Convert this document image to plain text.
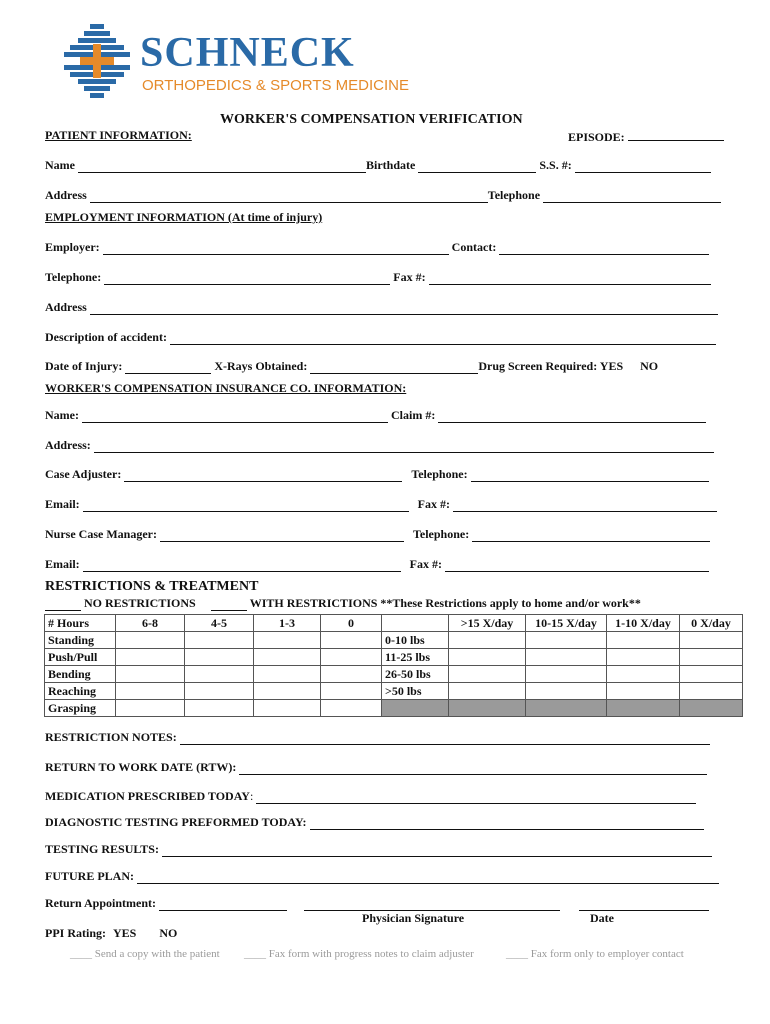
SCHNECK
ORTHOPEDICS & SPORTS MEDICINE
WORKER'S COMPENSATION VERIFICATION
PATIENT INFORMATION:	EPISODE:
Name	Birthdate	S.S. #:
Address	Telephone
EMPLOYMENT INFORMATION (At time of injury)
Employer:	Contact:
Telephone:	Fax #:
Address
Description of accident:
Date of Injury:	X-Rays Obtained:	Drug Screen Required: YES NO
WORKER'S COMPENSATION INSURANCE CO. INFORMATION:
Name:	Claim #:
Address:
Case Adjuster:	Telephone:
Email:	Fax #:
Nurse Case Manager:	Telephone:
Email:	Fax #:
RESTRICTIONS & TREATMENT
NO RESTRICTIONS	WITH RESTRICTIONS **These Restrictions apply to home and/or work**
# Hours	6-8	4-5	1-3	0		>15 X/day	10-15 X/day	1-10 X/day	0 X/day
Standing					0-10 lbs				
Push/Pull					11-25 lbs				
Bending					26-50 lbs				
Reaching					>50 lbs				
Grasping									
RESTRICTION NOTES:
RETURN TO WORK DATE (RTW):
MEDICATION PRESCRIBED TODAY:
DIAGNOSTIC TESTING PREFORMED TODAY:
TESTING RESULTS:
FUTURE PLAN:
Return Appointment:
Physician Signature	Date
PPI Rating: YES NO
____ Send a copy with the patient ____ Fax form with progress notes to claim adjuster	____ Fax form only to employer contact
